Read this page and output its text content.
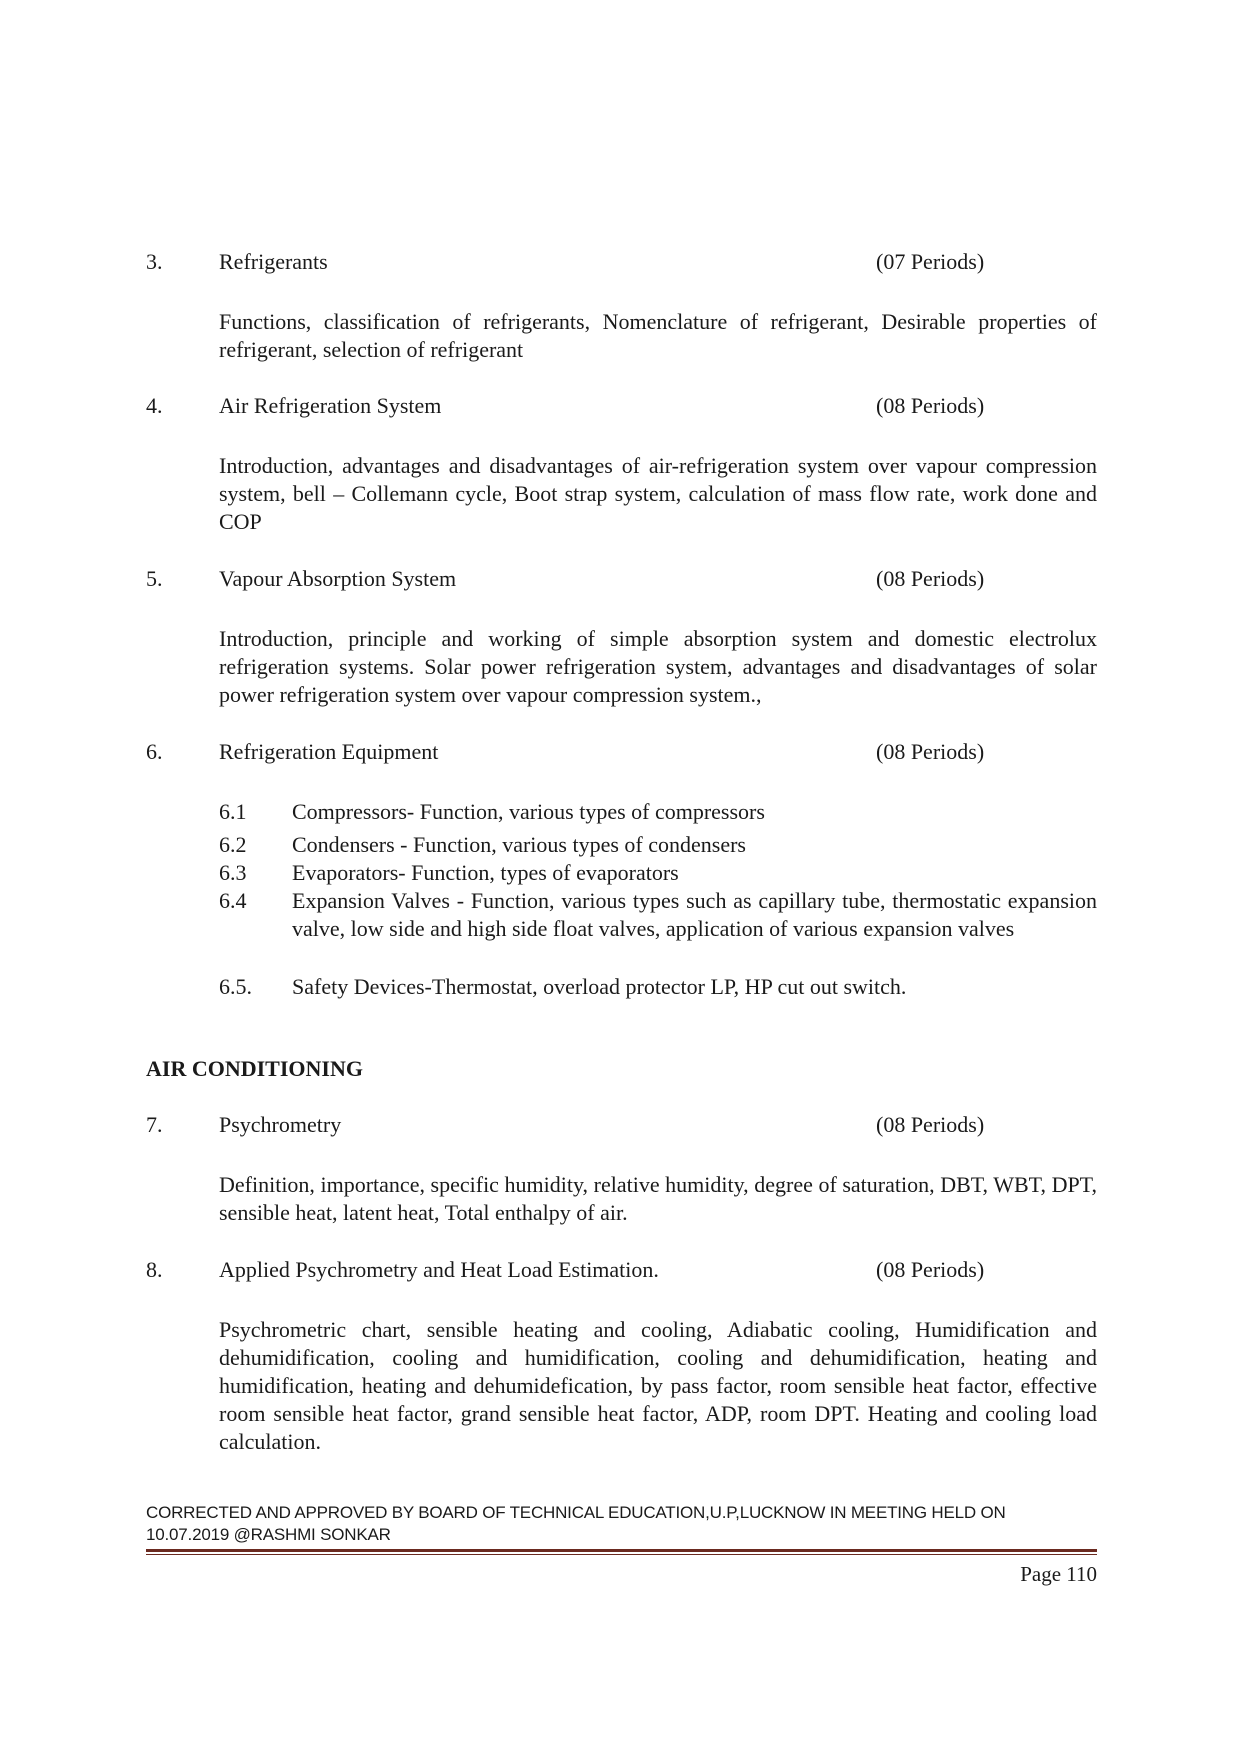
3.	Refrigerants	(07 Periods)
Functions, classification of refrigerants, Nomenclature of refrigerant, Desirable properties of refrigerant, selection of refrigerant
4.	Air Refrigeration System	(08 Periods)
Introduction, advantages and disadvantages of air-refrigeration system over vapour compression system, bell – Collemann cycle, Boot strap system, calculation of mass flow rate, work done and COP
5.	Vapour Absorption System	(08 Periods)
Introduction, principle and working of simple absorption system and domestic electrolux refrigeration systems. Solar power refrigeration system, advantages and disadvantages of solar power refrigeration system over vapour compression system.,
6.	Refrigeration Equipment	(08 Periods)
6.1	Compressors- Function, various types of compressors
6.2	Condensers - Function, various types of condensers
6.3	Evaporators- Function, types of evaporators
6.4	Expansion Valves - Function, various types such as capillary tube, thermostatic expansion valve, low side and high side float valves, application of various expansion valves
6.5.	Safety Devices-Thermostat, overload protector LP, HP cut out switch.
AIR CONDITIONING
7.	Psychrometry	(08 Periods)
Definition, importance, specific humidity, relative humidity, degree of saturation, DBT, WBT, DPT, sensible heat, latent heat, Total enthalpy of air.
8.	Applied Psychrometry and Heat Load Estimation.	(08 Periods)
Psychrometric chart, sensible heating and cooling, Adiabatic cooling, Humidification and dehumidification, cooling and humidification, cooling and dehumidification, heating and humidification, heating and dehumidefication, by pass factor, room sensible heat factor, effective room sensible heat factor, grand sensible heat factor, ADP, room DPT. Heating and cooling load calculation.
CORRECTED AND APPROVED BY BOARD OF TECHNICAL EDUCATION,U.P,LUCKNOW IN MEETING HELD ON
10.07.2019 @RASHMI SONKAR
Page 110
